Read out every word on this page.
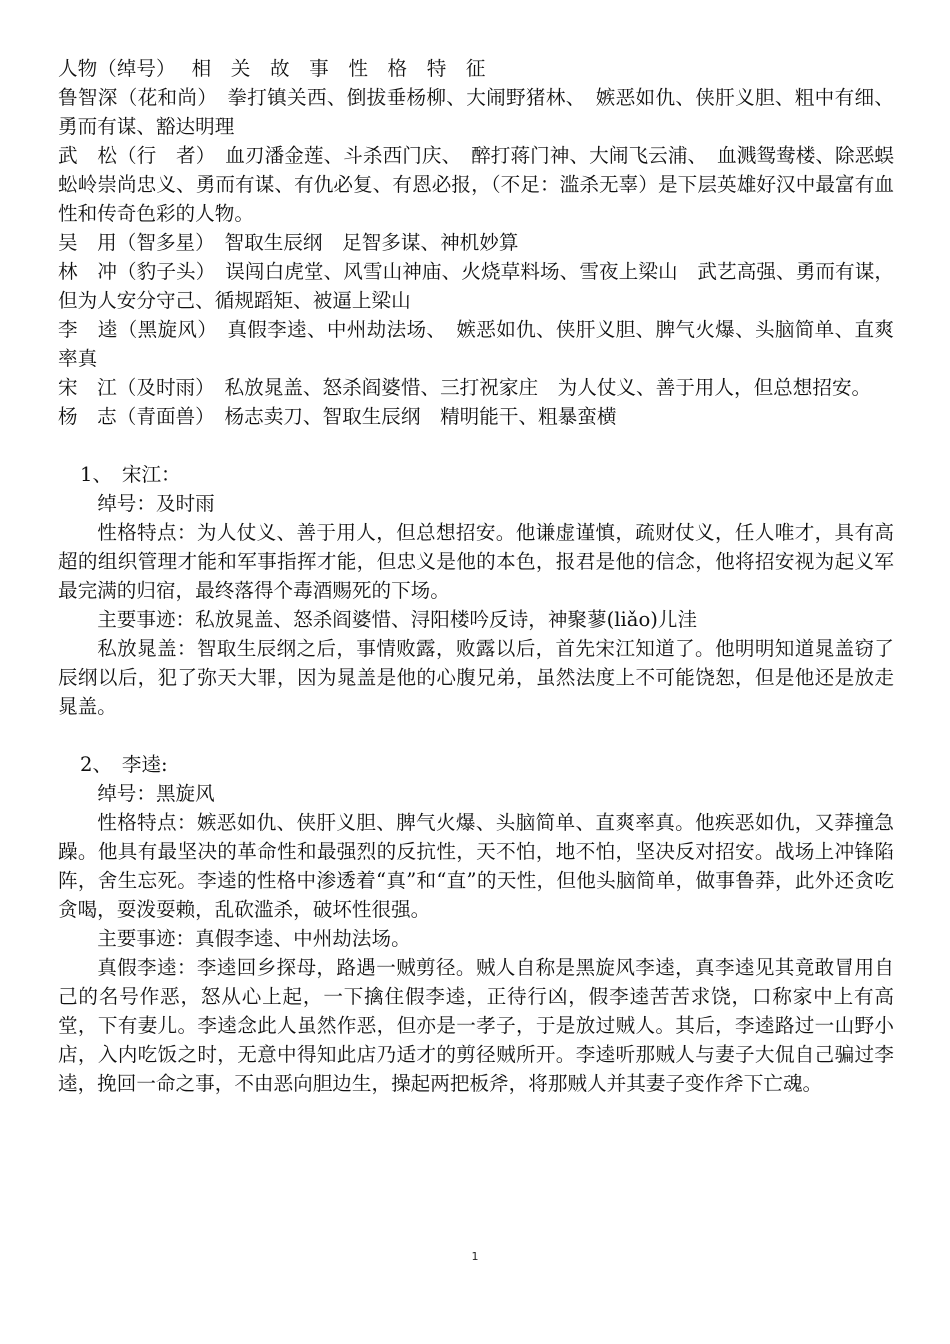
人物（绰号）　 相　关　故　事　性　格　特　征

鲁智深（花和尚）　拳打镇关西、倒拔垂杨柳、大闹野猪林、　嫉恶如仇、侠肝义胆、粗中有细、勇而有谋、豁达明理

武　松（行　者）　血刃潘金莲、斗杀西门庆、　醉打蒋门神、大闹飞云浦、　血溅鸳鸯楼、除恶蜈蚣岭崇尚忠义、勇而有谋、有仇必复、有恩必报，（不足：滥杀无辜）是下层英雄好汉中最富有血性和传奇色彩的人物。

吴　用（智多星）　智取生辰纲　足智多谋、神机妙算

林　冲（豹子头）　误闯白虎堂、风雪山神庙、火烧草料场、雪夜上梁山　武艺高强、勇而有谋，但为人安分守己、循规蹈矩、被逼上梁山

李　逵（黑旋风）　真假李逵、中州劫法场、　嫉恶如仇、侠肝义胆、脾气火爆、头脑简单、直爽率真

宋　江（及时雨）　私放晁盖、怒杀阎婆惜、三打祝家庄　为人仗义、善于用人，但总想招安。

杨　志（青面兽）　杨志卖刀、智取生辰纲　精明能干、粗暴蛮横

1、　宋江：

绰号：及时雨

性格特点：为人仗义、善于用人，但总想招安。他谦虚谨慎，疏财仗义，任人唯才，具有高超的组织管理才能和军事指挥才能，但忠义是他的本色，报君是他的信念，他将招安视为起义军最完满的归宿，最终落得个毒酒赐死的下场。

主要事迹：私放晁盖、怒杀阎婆惜、浔阳楼吟反诗，神聚蓼(liǎo)儿洼

私放晁盖：智取生辰纲之后，事情败露，败露以后，首先宋江知道了。他明明知道晁盖窃了辰纲以后，犯了弥天大罪，因为晁盖是他的心腹兄弟，虽然法度上不可能饶恕，但是他还是放走晁盖。

2、　李逵:

绰号：黑旋风

性格特点：嫉恶如仇、侠肝义胆、脾气火爆、头脑简单、直爽率真。他疾恶如仇，又莽撞急躁。他具有最坚决的革命性和最强烈的反抗性，天不怕，地不怕，坚决反对招安。战场上冲锋陷阵，舍生忘死。李逵的性格中渗透着“真”和“直”的天性，但他头脑简单，做事鲁莽，此外还贪吃贪喝，耍泼耍赖，乱砍滥杀，破坏性很强。

主要事迹：真假李逵、中州劫法场。

真假李逵：李逵回乡探母，路遇一贼剪径。贼人自称是黑旋风李逵，真李逵见其竟敢冒用自己的名号作恶，怒从心上起，一下擒住假李逵，正待行凶，假李逵苦苦求饶，口称家中上有高堂，下有妻儿。李逵念此人虽然作恶，但亦是一孝子，于是放过贼人。其后，李逵路过一山野小店，入内吃饭之时，无意中得知此店乃适才的剪径贼所开。李逵听那贼人与妻子大侃自己骗过李逵，挽回一命之事，不由恶向胆边生，操起两把板斧，将那贼人并其妻子变作斧下亡魂。

1
